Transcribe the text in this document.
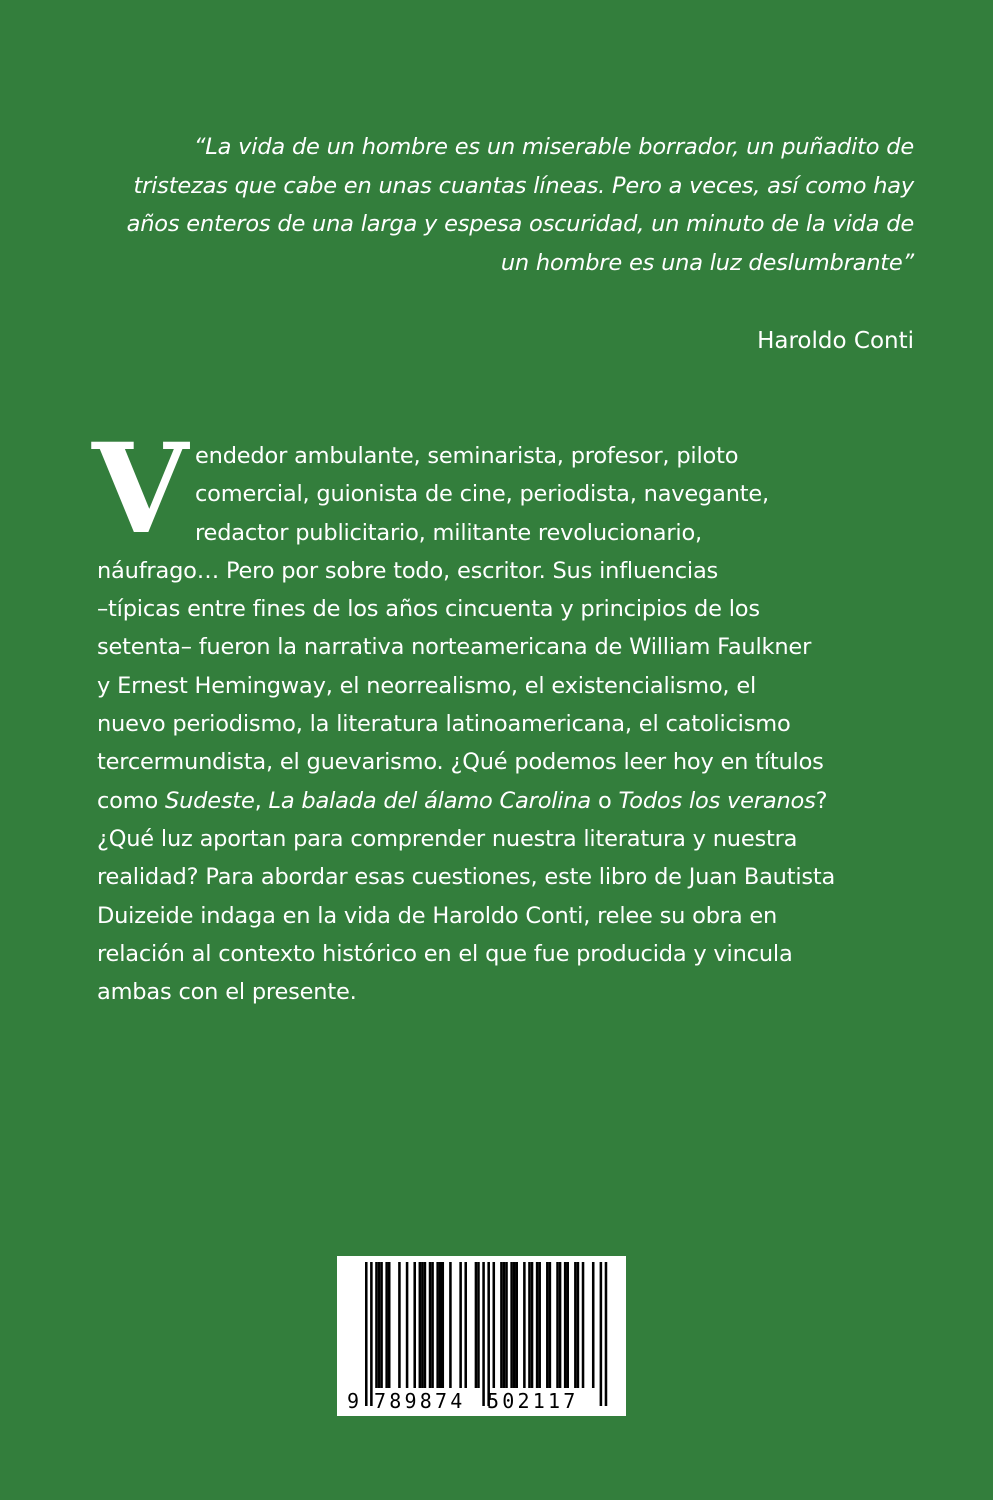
“La vida de un hombre es un miserable borrador, un puñadito de
tristezas que cabe en unas cuantas líneas. Pero a veces, así como hay
años enteros de una larga y espesa oscuridad, un minuto de la vida de
un hombre es una luz deslumbrante”
Haroldo Conti
V endedor ambulante, seminarista, profesor, piloto
comercial, guionista de cine, periodista, navegante,
redactor publicitario, militante revolucionario,
náufrago… Pero por sobre todo, escritor. Sus influencias
–típicas entre fines de los años cincuenta y principios de los
setenta– fueron la narrativa norteamericana de William Faulkner
y Ernest Hemingway, el neorrealismo, el existencialismo, el
nuevo periodismo, la literatura latinoamericana, el catolicismo
tercermundista, el guevarismo. ¿Qué podemos leer hoy en títulos
como Sudeste, La balada del álamo Carolina o Todos los veranos?
¿Qué luz aportan para comprender nuestra literatura y nuestra
realidad? Para abordar esas cuestiones, este libro de Juan Bautista
Duizeide indaga en la vida de Haroldo Conti, relee su obra en
relación al contexto histórico en el que fue producida y vincula
ambas con el presente.
9 789874 502117
